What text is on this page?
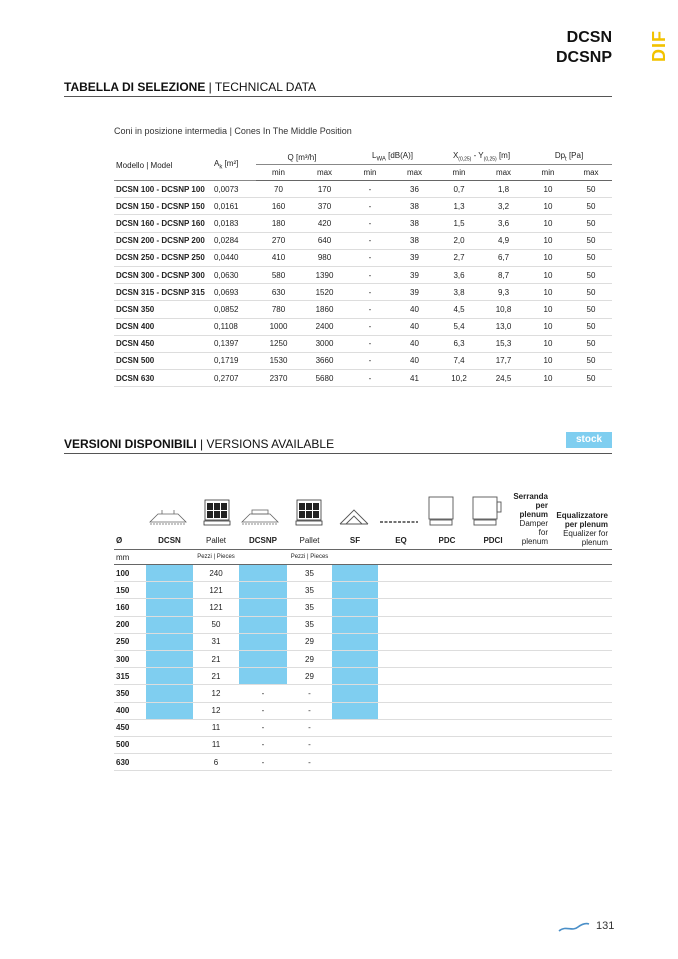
DCSN
DCSNP DIF
TABELLA DI SELEZIONE | TECHNICAL DATA
Coni in posizione intermedia | Cones In The Middle Position
Modello | Model	$A_k$ [m²]	Q [m³/h]		$L_{WA}$ [dB(A)]		$X_{(0,25)} - Y_{(0,25)}$ [m]		$Dp_t$ [Pa]	
		min	max	min	max	min	max	min	max
DCSN 100 - DCSNP 100	0,0073	70	170	-	36	0,7	1,8	10	50
DCSN 150 - DCSNP 150	0,0161	160	370	-	38	1,3	3,2	10	50
DCSN 160 - DCSNP 160	0,0183	180	420	-	38	1,5	3,6	10	50
DCSN 200 - DCSNP 200	0,0284	270	640	-	38	2,0	4,9	10	50
DCSN 250 - DCSNP 250	0,0440	410	980	-	39	2,7	6,7	10	50
DCSN 300 - DCSNP 300	0,0630	580	1390	-	39	3,6	8,7	10	50
DCSN 315 - DCSNP 315	0,0693	630	1520	-	39	3,8	9,3	10	50
DCSN 350	0,0852	780	1860	-	40	4,5	10,8	10	50
DCSN 400	0,1108	1000	2400	-	40	5,4	13,0	10	50
DCSN 450	0,1397	1250	3000	-	40	6,3	15,3	10	50
DCSN 500	0,1719	1530	3660	-	40	7,4	17,7	10	50
DCSN 630	0,2707	2370	5680	-	41	10,2	24,5	10	50
VERSIONI DISPONIBILI | VERSIONS AVAILABLE	stock
Serranda
per
plenum
Damper
for
plenum
Equalizzatore
per plenum
Equalizer for
plenum
Ø	DCSN	Pallet	DCSNP	Pallet	SF	EQ	PDC	PDCI		
mm		Pezzi | Pieces		Pezzi | Pieces						
100		240		35						
150		121		35						
160		121		35						
200		50		35						
250		31		29						
300		21		29						
315		21		29						
350		12	-	-						
400		12	-	-						
450		11	-	-						
500		11	-	-						
630		6	-	-						
131
